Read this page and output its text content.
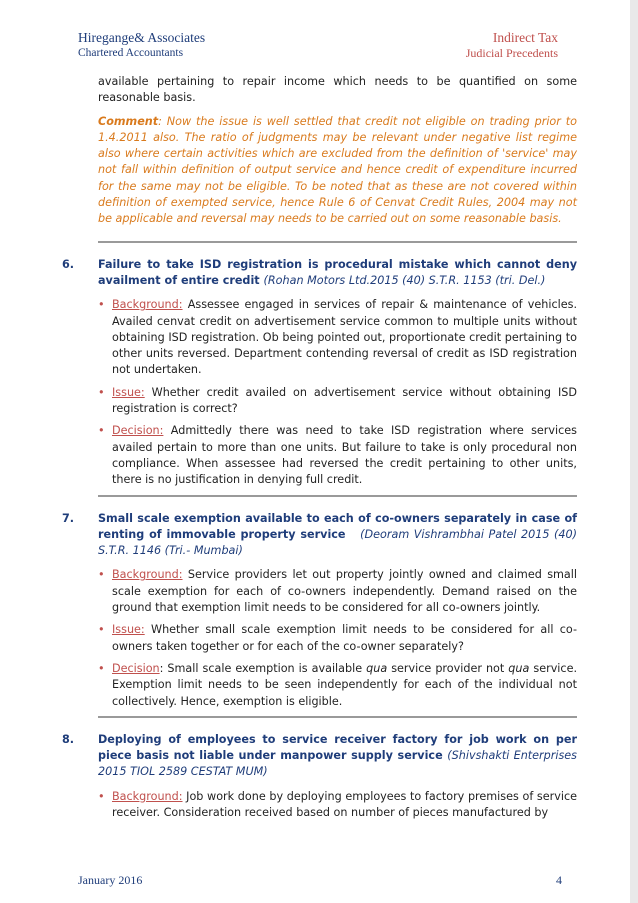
Hiregange& Associates
Chartered Accountants
Indirect Tax
Judicial Precedents

available pertaining to repair income which needs to be quantified on some reasonable basis.

Comment: Now the issue is well settled that credit not eligible on trading prior to 1.4.2011 also. The ratio of judgments may be relevant under negative list regime also where certain activities which are excluded from the definition of 'service' may not fall within definition of output service and hence credit of expenditure incurred for the same may not be eligible. To be noted that as these are not covered within definition of exempted service, hence Rule 6 of Cenvat Credit Rules, 2004 may not be applicable and reversal may needs to be carried out on some reasonable basis.

6. Failure to take ISD registration is procedural mistake which cannot deny availment of entire credit (Rohan Motors Ltd.2015 (40) S.T.R. 1153 (tri. Del.)

• Background: Assessee engaged in services of repair & maintenance of vehicles. Availed cenvat credit on advertisement service common to multiple units without obtaining ISD registration. Ob being pointed out, proportionate credit pertaining to other units reversed. Department contending reversal of credit as ISD registration not undertaken.
• Issue: Whether credit availed on advertisement service without obtaining ISD registration is correct?
• Decision: Admittedly there was need to take ISD registration where services availed pertain to more than one units. But failure to take is only procedural non compliance. When assessee had reversed the credit pertaining to other units, there is no justification in denying full credit.
7. Small scale exemption available to each of co-owners separately in case of renting of immovable property service (Deoram Vishrambhai Patel 2015 (40) S.T.R. 1146 (Tri.- Mumbai)

• Background: Service providers let out property jointly owned and claimed small scale exemption for each of co-owners independently. Demand raised on the ground that exemption limit needs to be considered for all co-owners jointly.
• Issue: Whether small scale exemption limit needs to be considered for all co-owners taken together or for each of the co-owner separately?
• Decision: Small scale exemption is available qua service provider not qua service. Exemption limit needs to be seen independently for each of the individual not collectively. Hence, exemption is eligible.
8. Deploying of employees to service receiver factory for job work on per piece basis not liable under manpower supply service (Shivshakti Enterprises 2015 TIOL 2589 CESTAT MUM)

• Background: Job work done by deploying employees to factory premises of service receiver. Consideration received based on number of pieces manufactured by
January 2016	4
